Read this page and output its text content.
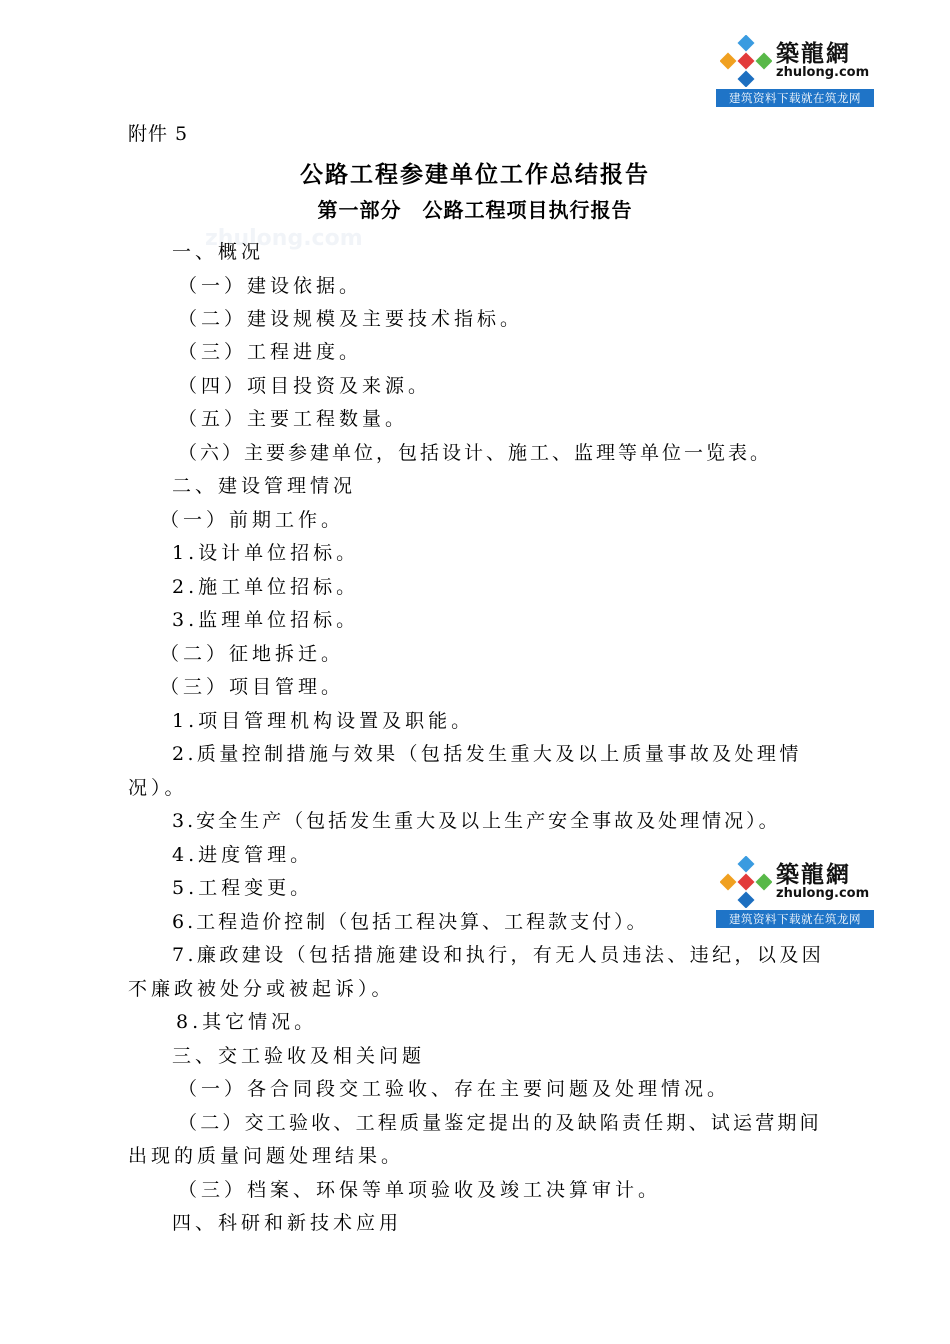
zhulong.com
築龍網
zhulong.com
建筑资料下载就在筑龙网
築龍網
zhulong.com
建筑资料下载就在筑龙网
附件 5
公路工程参建单位工作总结报告
第一部分　公路工程项目执行报告
一、概况
（一）建设依据。
（二）建设规模及主要技术指标。
（三）工程进度。
（四）项目投资及来源。
（五）主要工程数量。
（六）主要参建单位，包括设计、施工、监理等单位一览表。
二、建设管理情况
（一）前期工作。
1.设计单位招标。
2.施工单位招标。
3.监理单位招标。
（二）征地拆迁。
（三）项目管理。
1.项目管理机构设置及职能。
2.质量控制措施与效果（包括发生重大及以上质量事故及处理情
况）。
3.安全生产（包括发生重大及以上生产安全事故及处理情况）。
4.进度管理。
5.工程变更。
6.工程造价控制（包括工程决算、工程款支付）。
7.廉政建设（包括措施建设和执行，有无人员违法、违纪，以及因
不廉政被处分或被起诉）。
8.其它情况。
三、交工验收及相关问题
（一）各合同段交工验收、存在主要问题及处理情况。
（二）交工验收、工程质量鉴定提出的及缺陷责任期、试运营期间
出现的质量问题处理结果。
（三）档案、环保等单项验收及竣工决算审计。
四、科研和新技术应用
